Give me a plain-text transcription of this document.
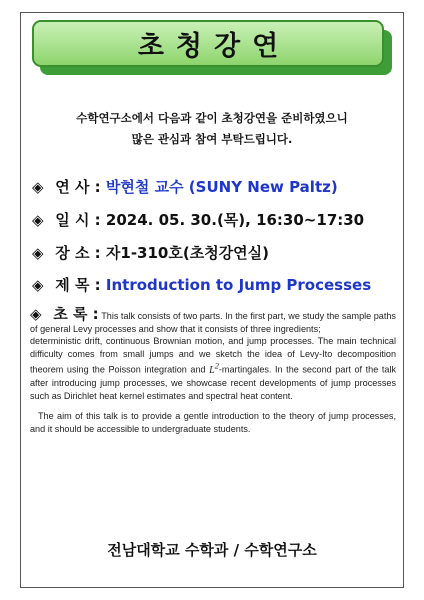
초청강연
수학연구소에서 다음과 같이 초청강연을 준비하였으니
많은 관심과 참여 부탁드립니다.
◈ 연 사 : 박현철 교수 (SUNY New Paltz)
◈ 일 시 : 2024. 05. 30.(목), 16:30~17:30
◈ 장 소 : 자1-310호(초청강연실)
◈ 제 목 : Introduction to Jump Processes

◈ 초 록 : This talk consists of two parts. In the first part, we study the sample paths of general Levy processes and show that it consists of three ingredients;
deterministic drift, continuous Brownian motion, and jump processes. The main technical difficulty comes from small jumps and we sketch the idea of Levy-Ito decomposition theorem using the Poisson integration and $L^2$-martingales. In the second part of the talk after introducing jump processes, we showcase recent developments of jump processes such as Dirichlet heat kernel estimates and spectral heat content.

The aim of this talk is to provide a gentle introduction to the theory of jump processes, and it should be accessible to undergraduate students.

전남대학교 수학과 / 수학연구소
